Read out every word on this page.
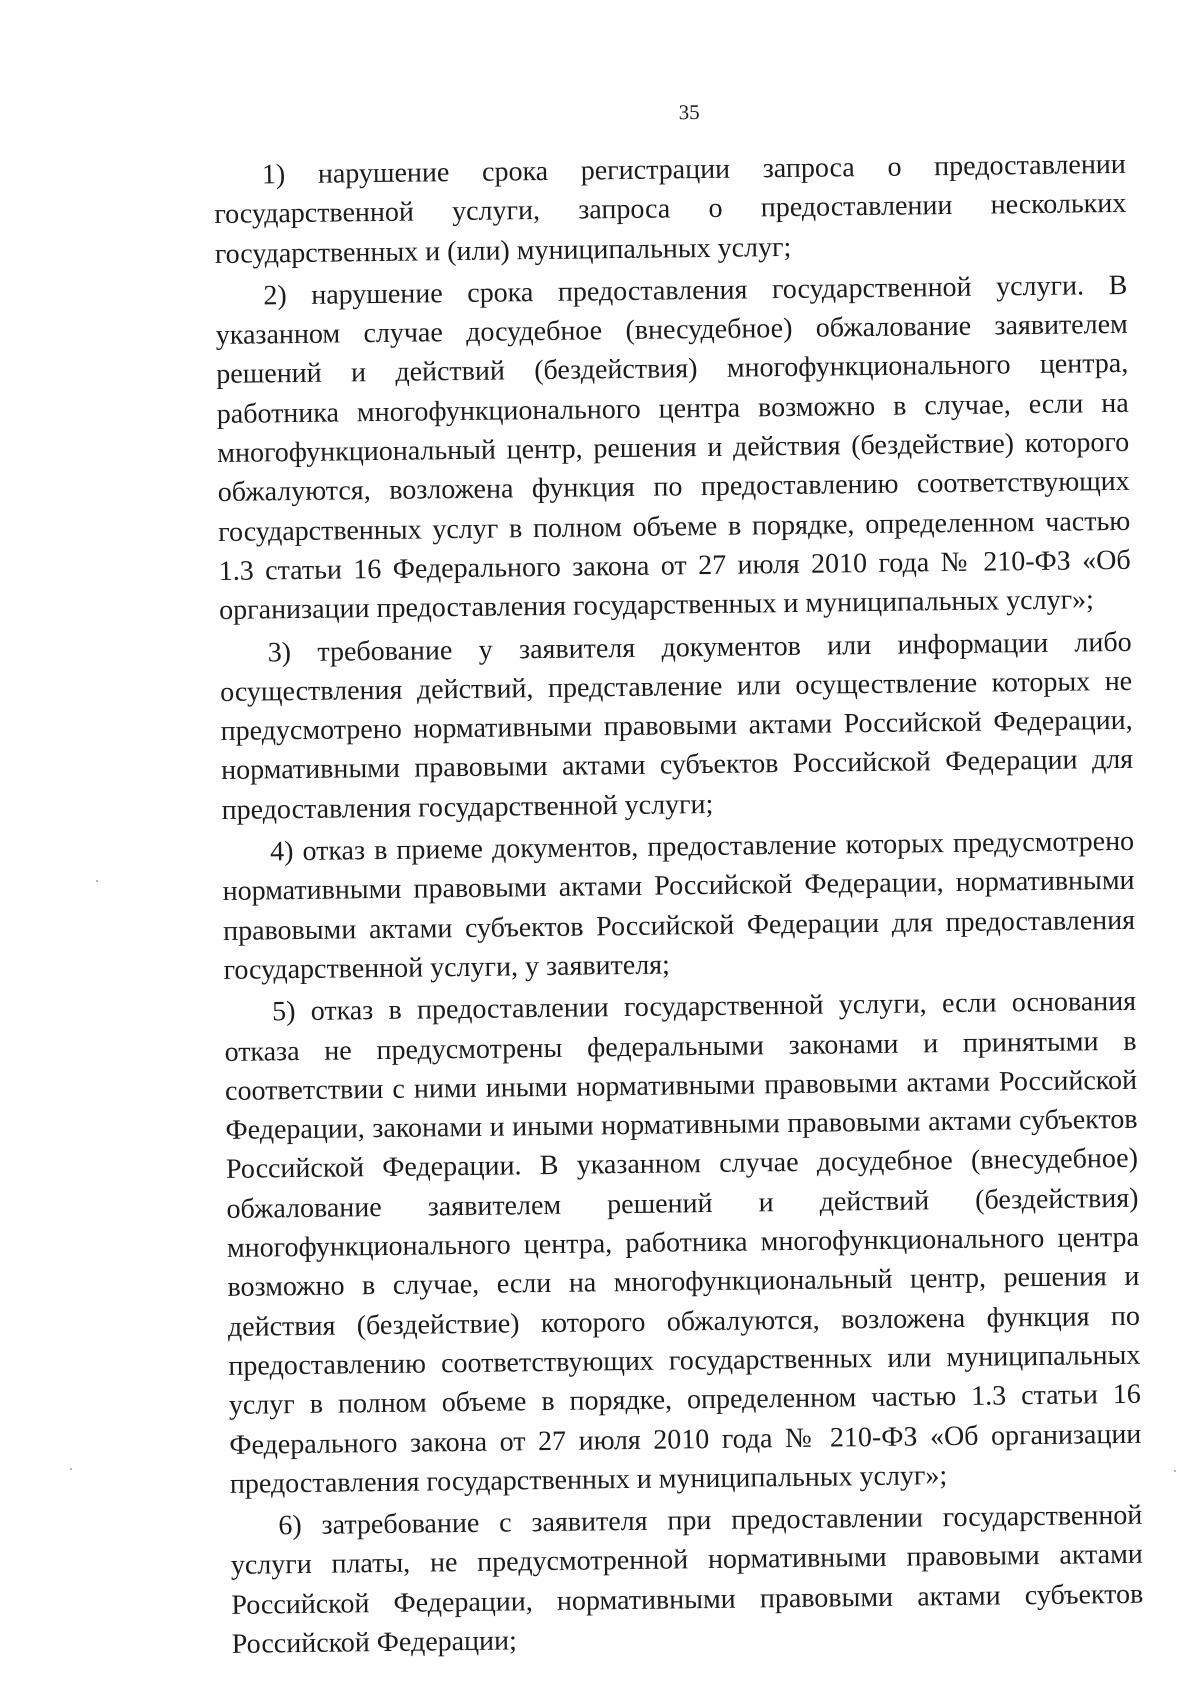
35

1) нарушение срока регистрации запроса о предоставлении государственной услуги, запроса о предоставлении нескольких государственных и (или) муниципальных услуг;

2) нарушение срока предоставления государственной услуги. В указанном случае досудебное (внесудебное) обжалование заявителем решений и действий (бездействия) многофункционального центра, работника многофункционального центра возможно в случае, если на многофункциональный центр, решения и действия (бездействие) которого обжалуются, возложена функция по предоставлению соответствующих государственных услуг в полном объеме в порядке, определенном частью 1.3 статьи 16 Федерального закона от 27 июля 2010 года № 210-ФЗ «Об организации предоставления государственных и муниципальных услуг»;

3) требование у заявителя документов или информации либо осуществления действий, представление или осуществление которых не предусмотрено нормативными правовыми актами Российской Федерации, нормативными правовыми актами субъектов Российской Федерации для предоставления государственной услуги;

4) отказ в приеме документов, предоставление которых предусмотрено нормативными правовыми актами Российской Федерации, нормативными правовыми актами субъектов Российской Федерации для предоставления государственной услуги, у заявителя;

5) отказ в предоставлении государственной услуги, если основания отказа не предусмотрены федеральными законами и принятыми в соответствии с ними иными нормативными правовыми актами Российской Федерации, законами и иными нормативными правовыми актами субъектов Российской Федерации. В указанном случае досудебное (внесудебное) обжалование заявителем решений и действий (бездействия) многофункционального центра, работника многофункционального центра возможно в случае, если на многофункциональный центр, решения и действия (бездействие) которого обжалуются, возложена функция по предоставлению соответствующих государственных или муниципальных услуг в полном объеме в порядке, определенном частью 1.3 статьи 16 Федерального закона от 27 июля 2010 года № 210-ФЗ «Об организации предоставления государственных и муниципальных услуг»;

6) затребование с заявителя при предоставлении государственной услуги платы, не предусмотренной нормативными правовыми актами Российской Федерации, нормативными правовыми актами субъектов Российской Федерации;
